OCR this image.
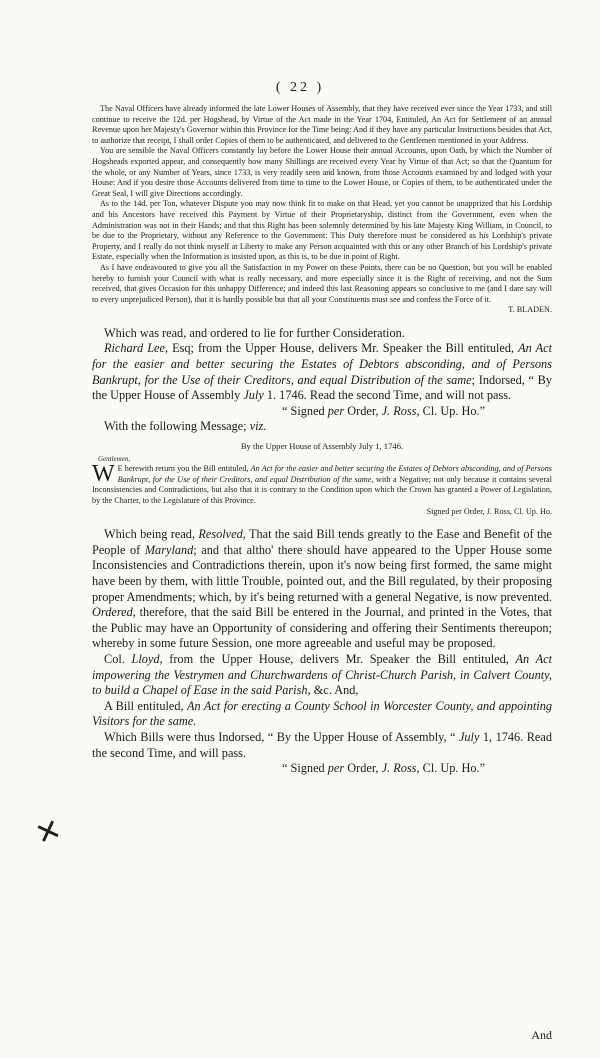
( 22 )

The Naval Officers have already informed the late Lower Houses of Assembly, that they have received ever since the Year 1733, and still continue to receive the 12d. per Hogshead, by Virtue of the Act made in the Year 1704, Entituled, An Act for Settlement of an annual Revenue upon her Majesty's Governor within this Province for the Time being: And if they have any particular Instructions besides that Act, to authorize that receipt, I shall order Copies of them to be authenticated, and delivered to the Gentlemen mentioned in your Address.

You are sensible the Naval Officers constantly lay before the Lower House their annual Accounts, upon Oath, by which the Number of Hogsheads exported appear, and consequently how many Shillings are received every Year by Virtue of that Act; so that the Quantum for the whole, or any Number of Years, since 1733, is very readily seen and known, from those Accounts examined by and lodged with your House: And if you desire those Accounts delivered from time to time to the Lower House, or Copies of them, to be authenticated under the Great Seal, I will give Directions accordingly.

As to the 14d. per Ton, whatever Dispute you may now think fit to make on that Head, yet you cannot be unapprized that his Lordship and his Ancestors have received this Payment by Virtue of their Proprietaryship, distinct from the Government, even when the Administration was not in their Hands; and that this Right has been solemnly determined by his late Majesty King William, in Council, to be due to the Proprietary, without any Reference to the Government: This Duty therefore must be considered as his Lordship's private Property, and I really do not think myself at Liberty to make any Person acquainted with this or any other Branch of his Lordship's private Estate, especially when the Information is insisted upon, as this is, to be due in point of Right.

As I have endeavoured to give you all the Satisfaction in my Power on these Points, there can be no Question, but you will be enabled hereby to furnish your Council with what is really necessary, and more especially since it is the Right of receiving, and not the Sum received, that gives Occasion for this unhappy Difference; and indeed this last Reasoning appears so conclusive to me (and I dare say will to every unprejudiced Person), that it is hardly possible but that all your Constituents must see and confess the Force of it.

T. BLADEN.

Which was read, and ordered to lie for further Consideration.

Richard Lee, Esq; from the Upper House, delivers Mr. Speaker the Bill entituled, An Act for the easier and better securing the Estates of Debtors absconding, and of Persons Bankrupt, for the Use of their Creditors, and equal Distribution of the same; Indorsed, “ By the Upper House of Assembly July 1. 1746. Read the second Time, and will not pass.

“ Signed per Order, J. Ross, Cl. Up. Ho.”

With the following Message; viz.

By the Upper House of Assembly July 1, 1746.
Gentlemen,
W E herewith return you the Bill entituled, An Act for the easier and better securing the Estates of Debtors absconding, and of Persons Bankrupt, for the Use of their Creditors, and equal Distribution of the same, with a Negative; not only because it contains several Inconsistencies and Contradictions, but also that it is contrary to the Condition upon which the Crown has granted a Power of Legislation, by the Charter, to the Legislature of this Province.
Signed per Order, J. Ross, Cl. Up. Ho.

Which being read, Resolved, That the said Bill tends greatly to the Ease and Benefit of the People of Maryland; and that altho' there should have appeared to the Upper House some Inconsistencies and Contradictions therein, upon it's now being first formed, the same might have been by them, with little Trouble, pointed out, and the Bill regulated, by their proposing proper Amendments; which, by it's being returned with a general Negative, is now prevented. Ordered, therefore, that the said Bill be entered in the Journal, and printed in the Votes, that the Public may have an Opportunity of considering and offering their Sentiments thereupon; whereby in some future Session, one more agreeable and useful may be proposed.

Col. Lloyd, from the Upper House, delivers Mr. Speaker the Bill entituled, An Act impowering the Vestrymen and Churchwardens of Christ-Church Parish, in Calvert County, to build a Chapel of Ease in the said Parish, &c. And,

A Bill entituled, An Act for erecting a County School in Worcester County, and appointing Visitors for the same.

Which Bills were thus Indorsed, “ By the Upper House of Assembly, “ July 1, 1746. Read the second Time, and will pass.

“ Signed per Order, J. Ross, Cl. Up. Ho.”
✕
And
